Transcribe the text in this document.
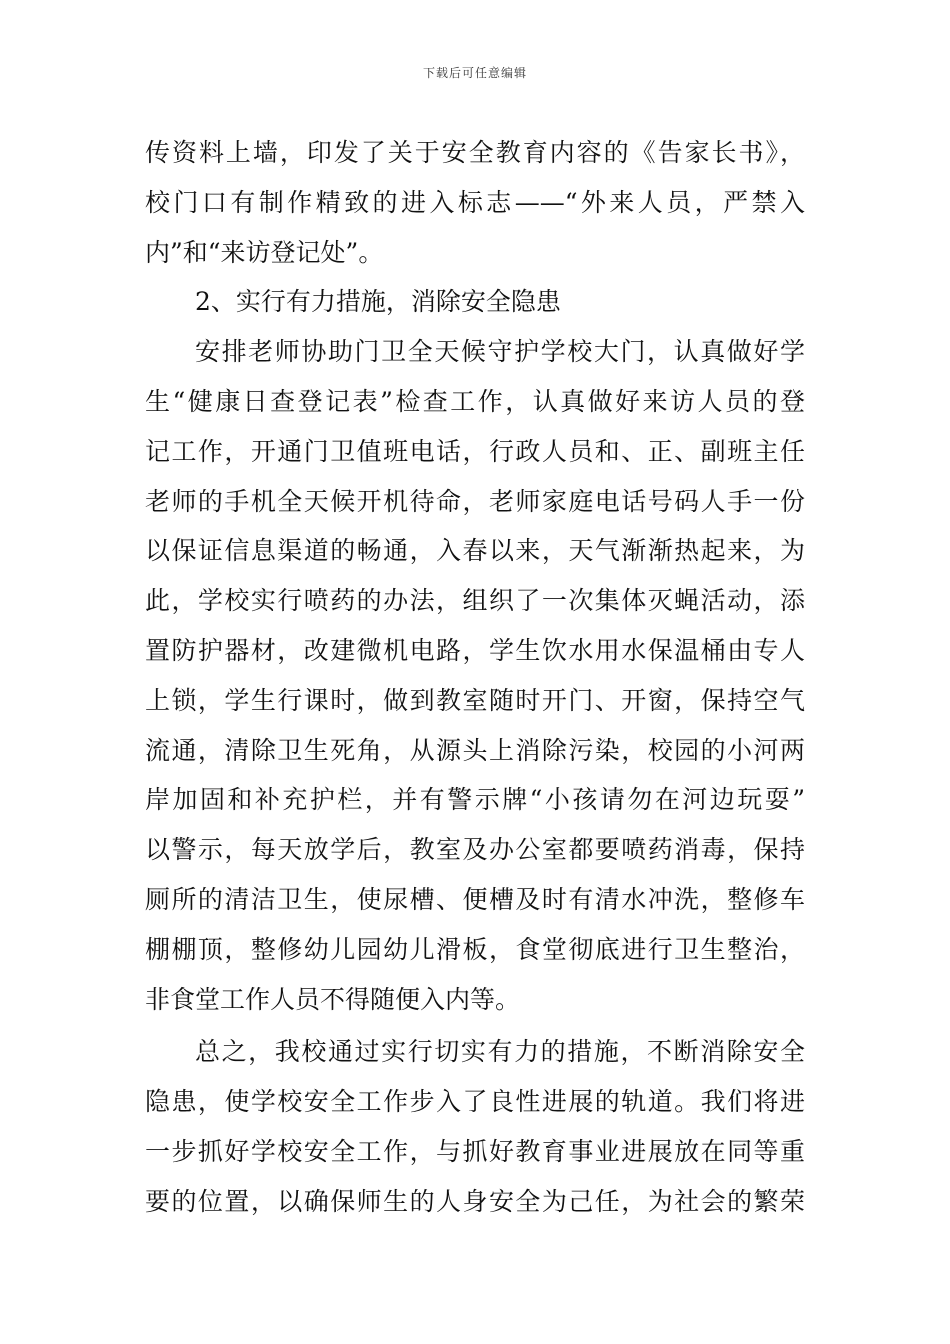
下载后可任意编辑
传资料上墙，印发了关于安全教育内容的《告家长书》，
校门口有制作精致的进入标志——“外来人员，严禁入
内”和“来访登记处”。
2、实行有力措施，消除安全隐患
安排老师协助门卫全天候守护学校大门，认真做好学
生“健康日查登记表”检查工作，认真做好来访人员的登
记工作，开通门卫值班电话，行政人员和、正、副班主任
老师的手机全天候开机待命，老师家庭电话号码人手一份
以保证信息渠道的畅通，入春以来，天气渐渐热起来，为
此，学校实行喷药的办法，组织了一次集体灭蝇活动，添
置防护器材，改建微机电路，学生饮水用水保温桶由专人
上锁，学生行课时，做到教室随时开门、开窗，保持空气
流通，清除卫生死角，从源头上消除污染，校园的小河两
岸加固和补充护栏，并有警示牌“小孩请勿在河边玩耍”
以警示，每天放学后，教室及办公室都要喷药消毒，保持
厕所的清洁卫生，使尿槽、便槽及时有清水冲洗，整修车
棚棚顶，整修幼儿园幼儿滑板，食堂彻底进行卫生整治，
非食堂工作人员不得随便入内等。
总之，我校通过实行切实有力的措施，不断消除安全
隐患，使学校安全工作步入了良性进展的轨道。我们将进
一步抓好学校安全工作，与抓好教育事业进展放在同等重
要的位置，以确保师生的人身安全为己任，为社会的繁荣
